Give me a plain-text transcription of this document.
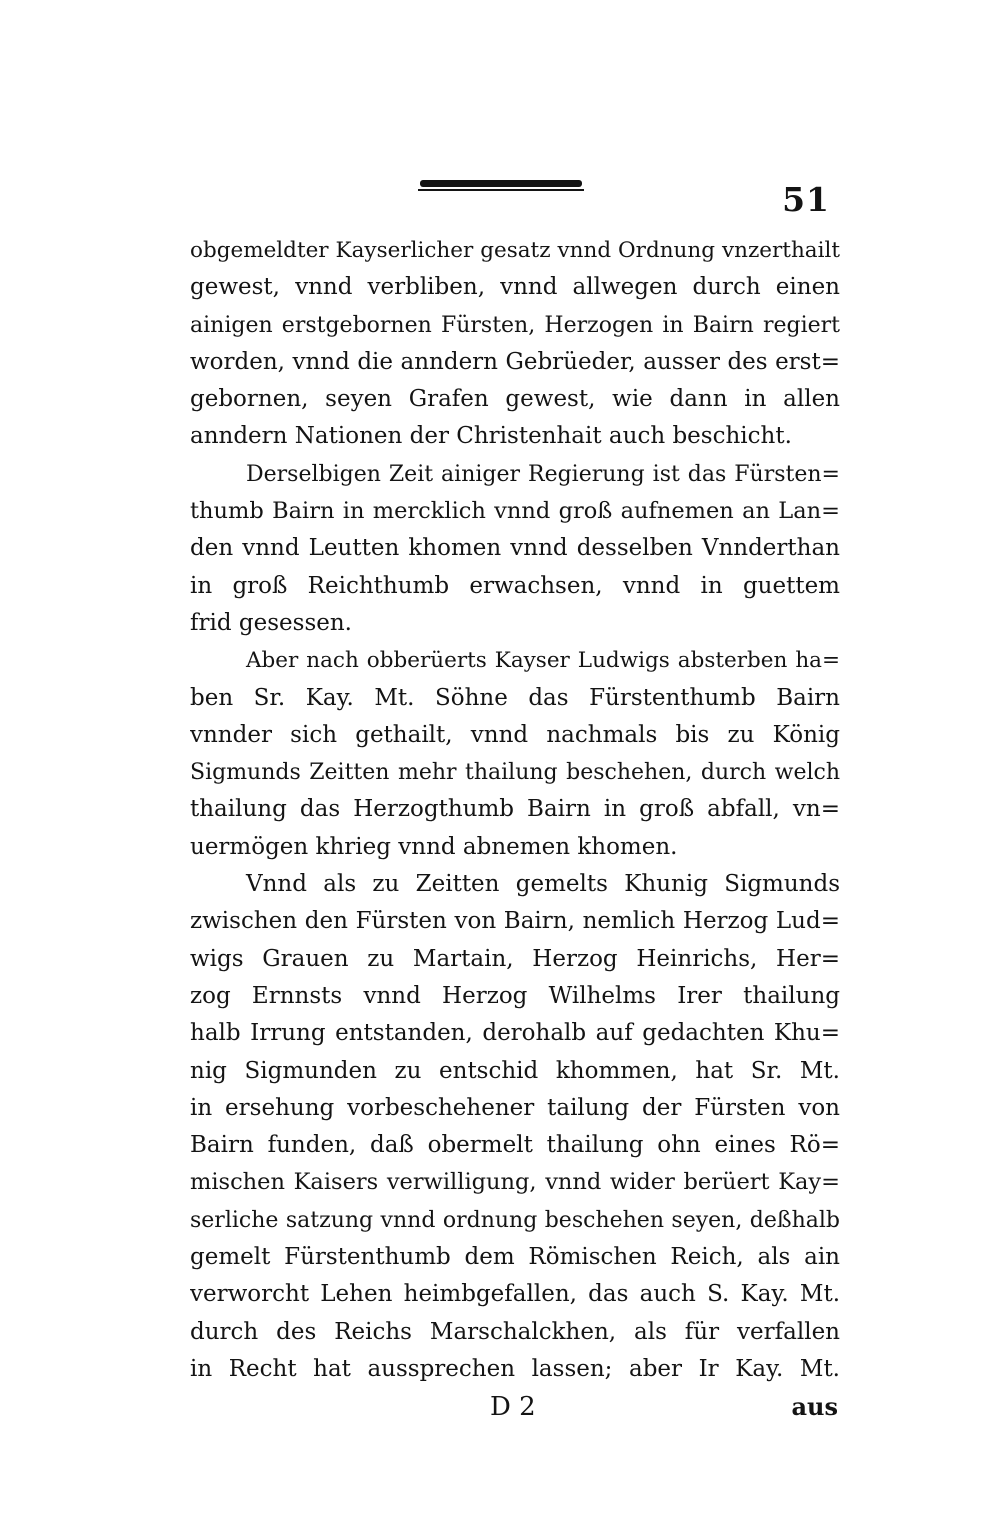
51
obgemeldter Kayserlicher gesatz vnnd Ordnung vnzerthailt
gewest, vnnd verbliben, vnnd allwegen durch einen
ainigen erstgebornen Fürsten, Herzogen in Bairn regiert
worden, vnnd die anndern Gebrüeder, ausser des erst=
gebornen, seyen Grafen gewest, wie dann in allen
anndern Nationen der Christenhait auch beschicht.
Derselbigen Zeit ainiger Regierung ist das Fürsten=
thumb Bairn in mercklich vnnd groß aufnemen an Lan=
den vnnd Leutten khomen vnnd desselben Vnnderthan
in groß Reichthumb erwachsen, vnnd in guettem
frid gesessen.
Aber nach obberüerts Kayser Ludwigs absterben ha=
ben Sr. Kay. Mt. Söhne das Fürstenthumb Bairn
vnnder sich gethailt, vnnd nachmals bis zu König
Sigmunds Zeitten mehr thailung beschehen, durch welch
thailung das Herzogthumb Bairn in groß abfall, vn=
uermögen khrieg vnnd abnemen khomen.
Vnnd als zu Zeitten gemelts Khunig Sigmunds
zwischen den Fürsten von Bairn, nemlich Herzog Lud=
wigs Grauen zu Martain, Herzog Heinrichs, Her=
zog Ernnsts vnnd Herzog Wilhelms Irer thailung
halb Irrung entstanden, derohalb auf gedachten Khu=
nig Sigmunden zu entschid khommen, hat Sr. Mt.
in ersehung vorbeschehener tailung der Fürsten von
Bairn funden, daß obermelt thailung ohn eines Rö=
mischen Kaisers verwilligung, vnnd wider berüert Kay=
serliche satzung vnnd ordnung beschehen seyen, deßhalb
gemelt Fürstenthumb dem Römischen Reich, als ain
verworcht Lehen heimbgefallen, das auch S. Kay. Mt.
durch des Reichs Marschalckhen, als für verfallen
in Recht hat aussprechen lassen; aber Ir Kay. Mt.
D 2	aus
